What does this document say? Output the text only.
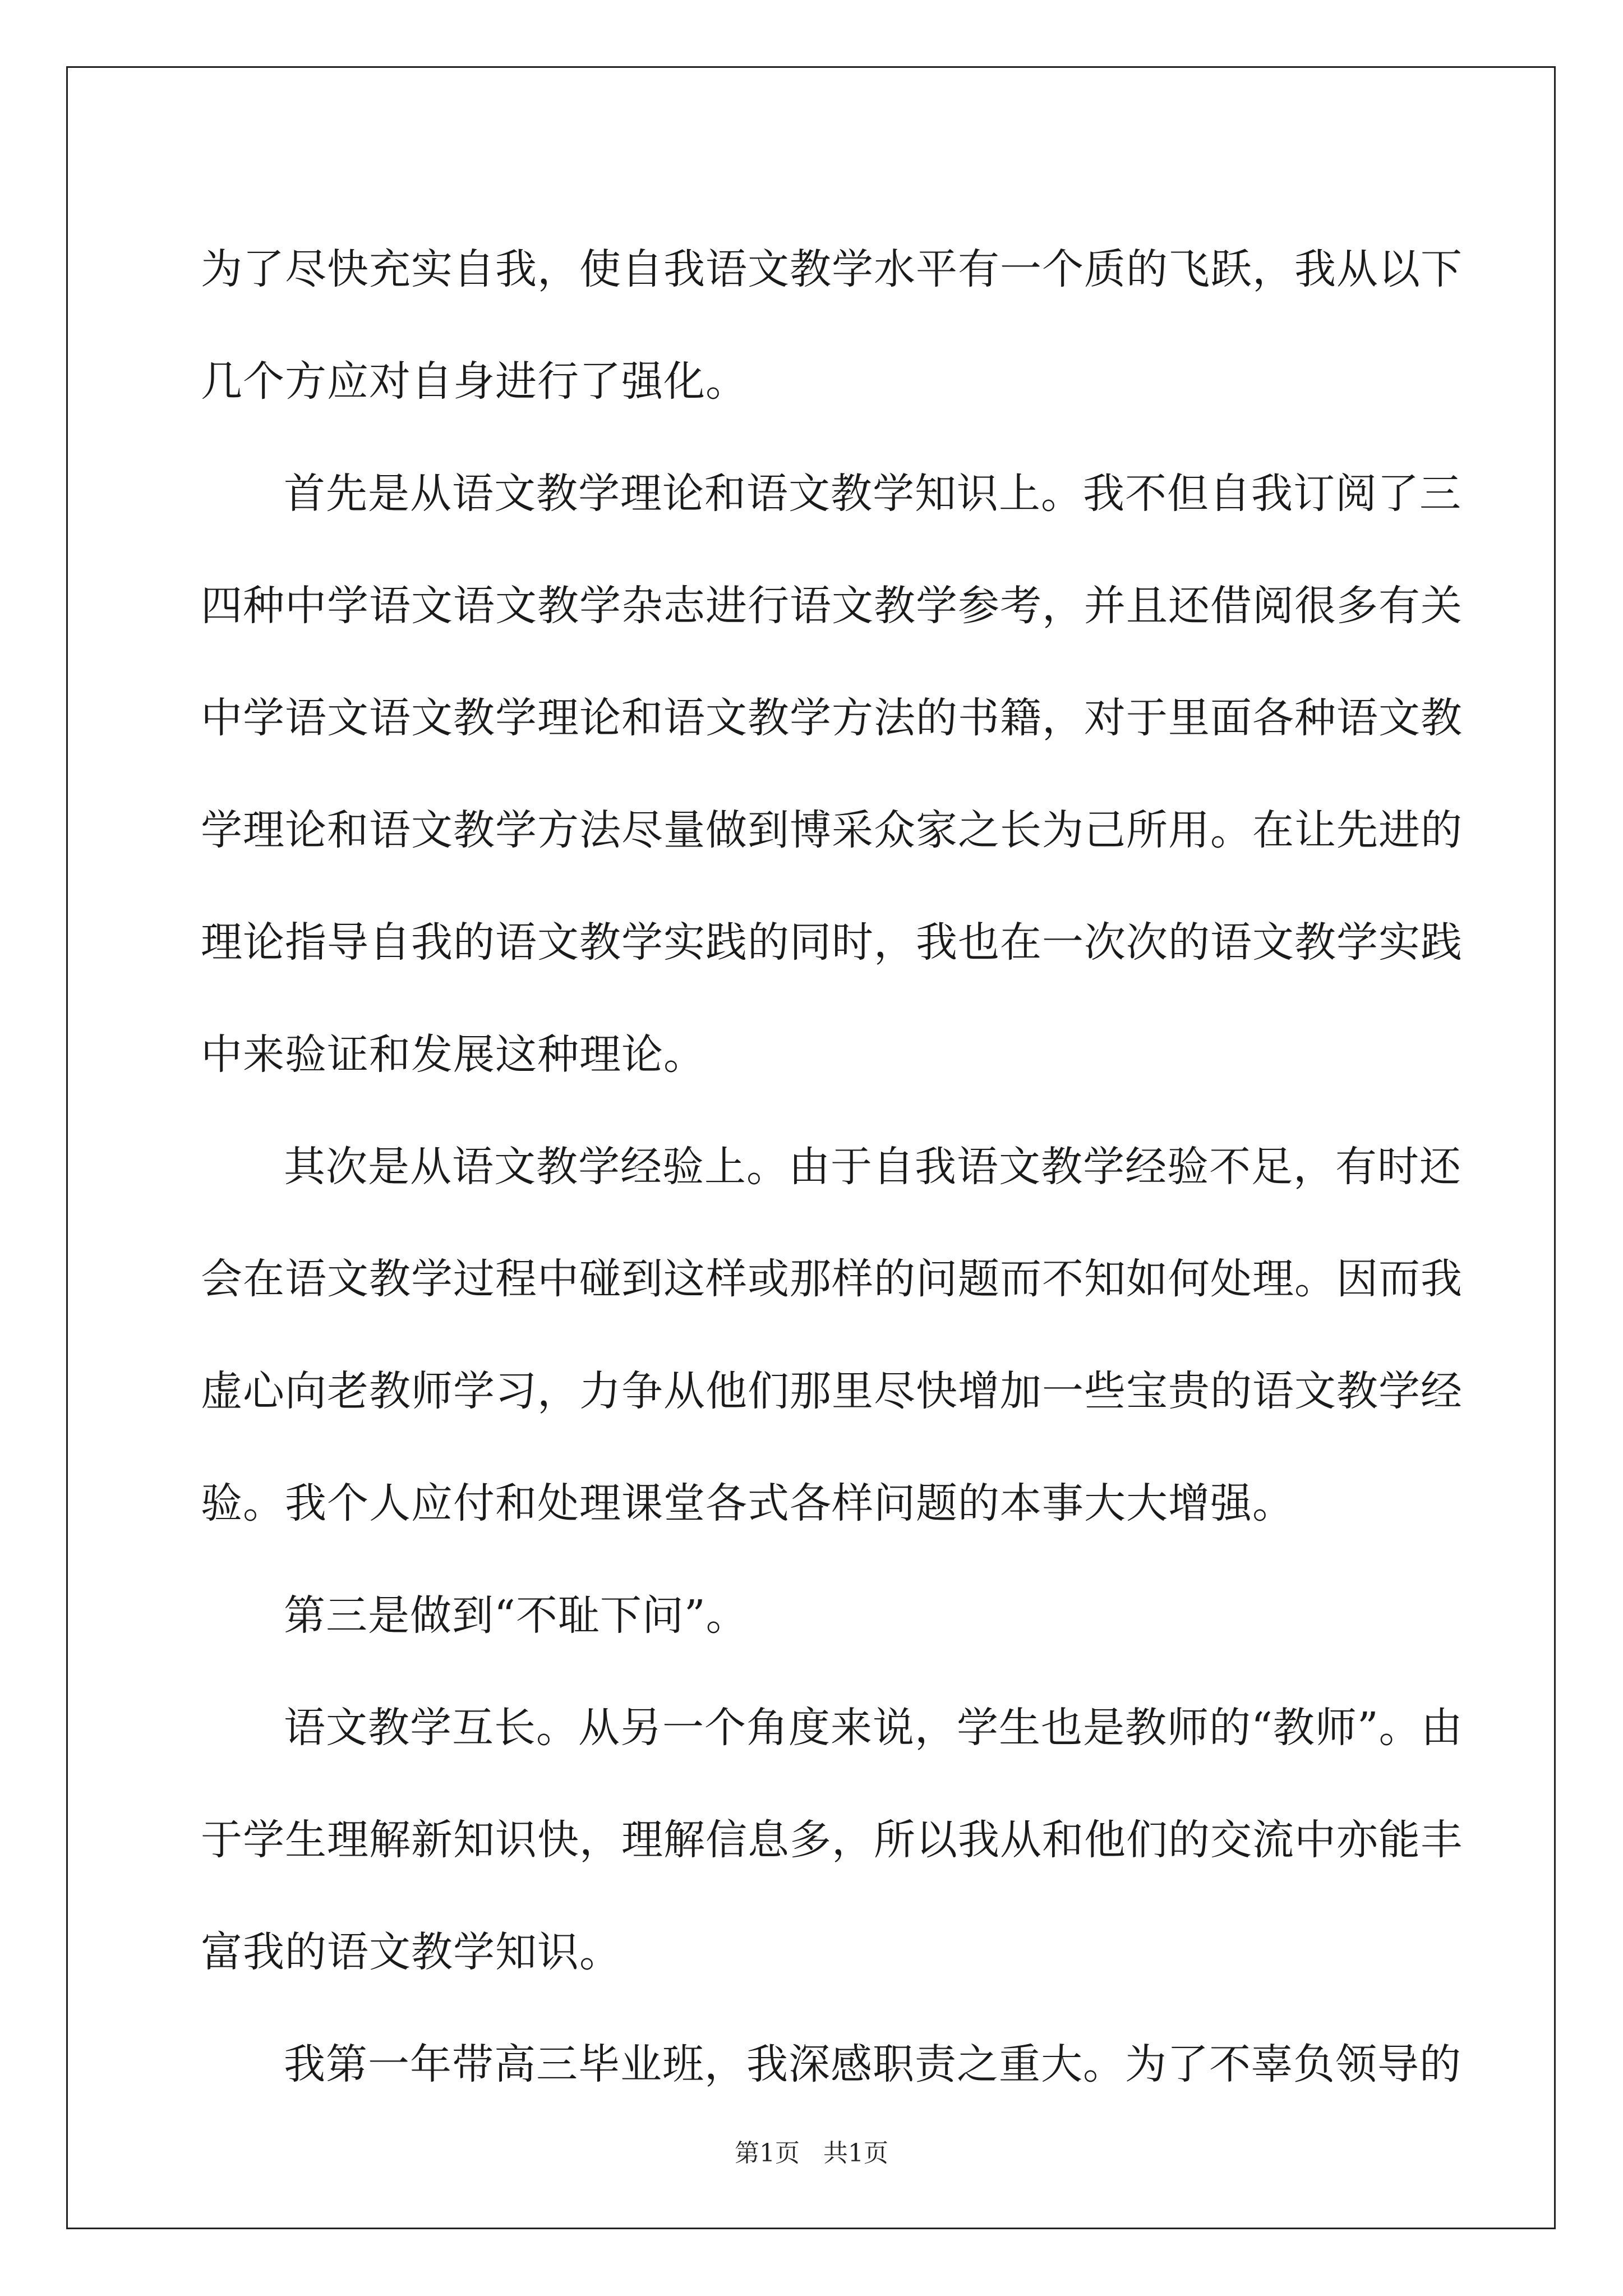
为了尽快充实自我，使自我语文教学水平有一个质的飞跃，我从以下
几个方应对自身进行了强化。
首先是从语文教学理论和语文教学知识上。我不但自我订阅了三
四种中学语文语文教学杂志进行语文教学参考，并且还借阅很多有关
中学语文语文教学理论和语文教学方法的书籍，对于里面各种语文教
学理论和语文教学方法尽量做到博采众家之长为己所用。在让先进的
理论指导自我的语文教学实践的同时，我也在一次次的语文教学实践
中来验证和发展这种理论。
其次是从语文教学经验上。由于自我语文教学经验不足，有时还
会在语文教学过程中碰到这样或那样的问题而不知如何处理。因而我
虚心向老教师学习，力争从他们那里尽快增加一些宝贵的语文教学经
验。我个人应付和处理课堂各式各样问题的本事大大增强。
第三是做到“不耻下问”。
语文教学互长。从另一个角度来说，学生也是教师的“教师”。由
于学生理解新知识快，理解信息多，所以我从和他们的交流中亦能丰
富我的语文教学知识。
我第一年带高三毕业班，我深感职责之重大。为了不辜负领导的
第1页 共1页
